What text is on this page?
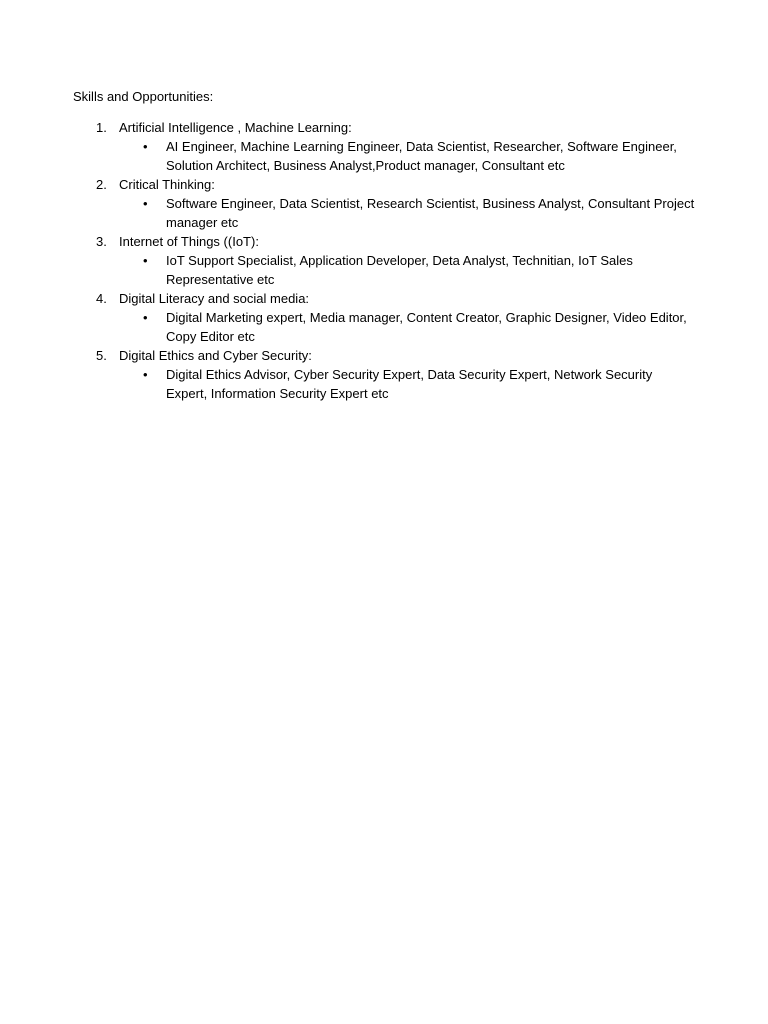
Skills and Opportunities:

1. Artificial Intelligence , Machine Learning:
• AI Engineer, Machine Learning Engineer, Data Scientist, Researcher, Software Engineer, Solution Architect, Business Analyst,Product manager, Consultant etc

2. Critical Thinking:
• Software Engineer, Data Scientist, Research Scientist, Business Analyst, Consultant Project manager etc

3. Internet of Things ((IoT):
• IoT Support Specialist, Application Developer, Deta Analyst, Technitian, IoT Sales Representative etc

4. Digital Literacy and social media:
• Digital Marketing expert, Media manager, Content Creator, Graphic Designer, Video Editor, Copy Editor etc

5. Digital Ethics and Cyber Security:
• Digital Ethics Advisor, Cyber Security Expert, Data Security Expert, Network Security Expert, Information Security Expert etc
